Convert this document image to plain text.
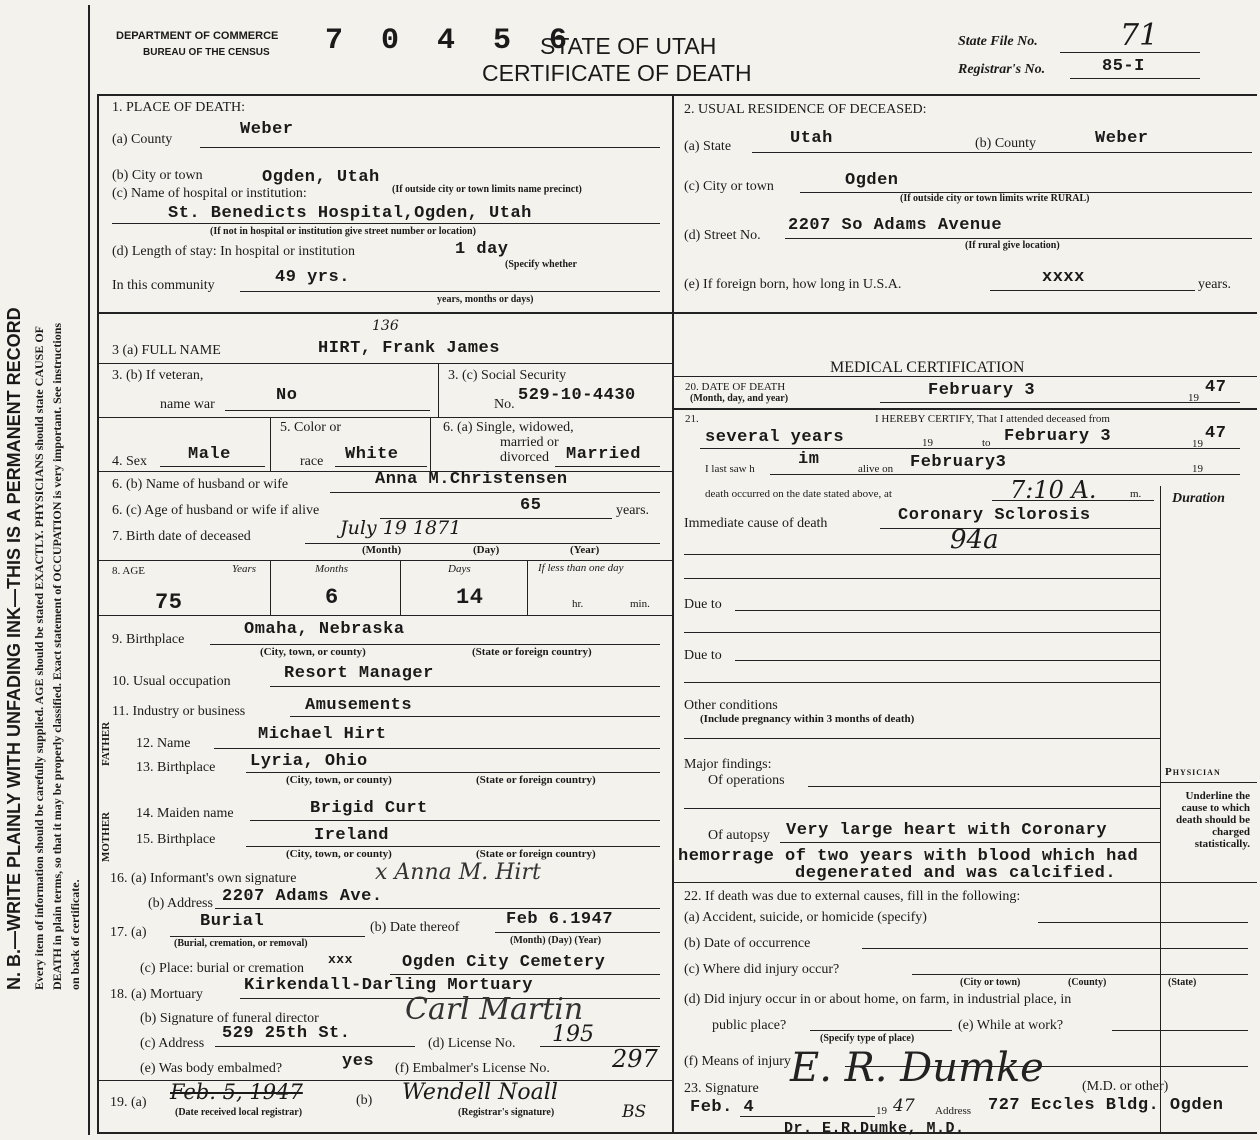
N. B.—WRITE PLAINLY WITH UNFADING INK—THIS IS A PERMANENT RECORD Every item of information should be carefully supplied. AGE should be stated EXACTLY. PHYSICIANS should state CAUSE OF DEATH in plain terms, so that it may be properly classified. Exact statement of OCCUPATION is very important. See instructions on back of certificate.
DEPARTMENT OF COMMERCE
BUREAU OF THE CENSUS 7 0 4 5 6
STATE OF UTAH
CERTIFICATE OF DEATH
State File No.	71
Registrar's No.	85-I
1. PLACE OF DEATH:
(a) County
Weber
(b) City or town	Ogden, Utah
(If outside city or town limits name precinct)
(c) Name of hospital or institution:
St. Benedicts Hospital,Ogden, Utah
(If not in hospital or institution give street number or location)
(d) Length of stay: In hospital or institution	1 day
(Specify whether
In this community	49 yrs.
years, months or days)
2. USUAL RESIDENCE OF DECEASED:
(a) State	Utah	(b) County	Weber
(c) City or town	Ogden
(If outside city or town limits write RURAL)
(d) Street No.
2207 So Adams Avenue
(If rural give location)
(e) If foreign born, how long in U.S.A.	xxxx	years.
3 (a) FULL NAME	HIRT, Frank James
136
3. (b) If veteran,
name war	No
3. (c) Social Security
No. 529-10-4430
4. Sex Male
5. Color or
race White
6. (a) Single, widowed,
married or
divorced Married
6. (b) Name of husband or wife	Anna M.Christensen
6. (c) Age of husband or wife if alive	65	years.
7. Birth date of deceased	July 19 1871
(Month)	(Day)	(Year)
8. AGE	Years	Months	Days	If less than one day
75	6	14	hr.	min.
9. Birthplace
Omaha, Nebraska
(City, town, or county)	(State or foreign country)
10. Usual occupation	Resort Manager
11. Industry or business	Amusements
FATHER 12. Name	Michael Hirt
13. Birthplace Lyria, Ohio
(City, town, or county)	(State or foreign country)
MOTHER 14. Maiden name	Brigid Curt
15. Birthplace	Ireland
(City, town, or county)	(State or foreign country)
16. (a) Informant's own signature	x Anna M. Hirt
(b) Address 2207 Adams Ave.
17. (a)
Burial
(Burial, cremation, or removal)
(b) Date thereof	Feb 6.1947
(Month) (Day) (Year)
(c) Place: burial or cremation
xxx	Ogden City Cemetery
18. (a) Mortuary Kirkendall-Darling Mortuary
(b) Signature of funeral director	Carl Martin
(c) Address
529 25th St.
(d) License No. 195
(e) Was body embalmed?	yes (f) Embalmer's License No.	297
19. (a) Feb. 5, 1947	(b)
(Date received local registrar)
Wendell Noall
(Registrar's signature)	BS
MEDICAL CERTIFICATION
20. DATE OF DEATH
(Month, day, and year)	February 3	19
47
21.	I HEREBY CERTIFY, That I attended deceased from
several years	19	to February 3	19
47
I last saw h	im	alive on February3	19
death occurred on the date stated above, at	7:10 A.	m. Duration
Immediate cause of death	Coronary Sclorosis
94a
Due to
Due to
Other conditions
(Include pregnancy within 3 months of death)
Major findings:
Of operations
Of autopsy Very large heart with Coronary
hemorrage of two years with blood which had
degenerated and was calcified.
Physician
Underline the cause to which death should be charged statistically.
22. If death was due to external causes, fill in the following:
(a) Accident, suicide, or homicide (specify)
(b) Date of occurrence
(c) Where did injury occur?
(City or town)	(County)	(State)
(d) Did injury occur in or about home, on farm, in industrial place, in
public place?
(Specify type of place)
(e) While at work?
(f) Means of injury
23. Signature E. R. Dumke	(M.D. or other)
Feb. 4	19 47 Address 727 Eccles Bldg. Ogden
Dr. E.R.Dumke, M.D.
